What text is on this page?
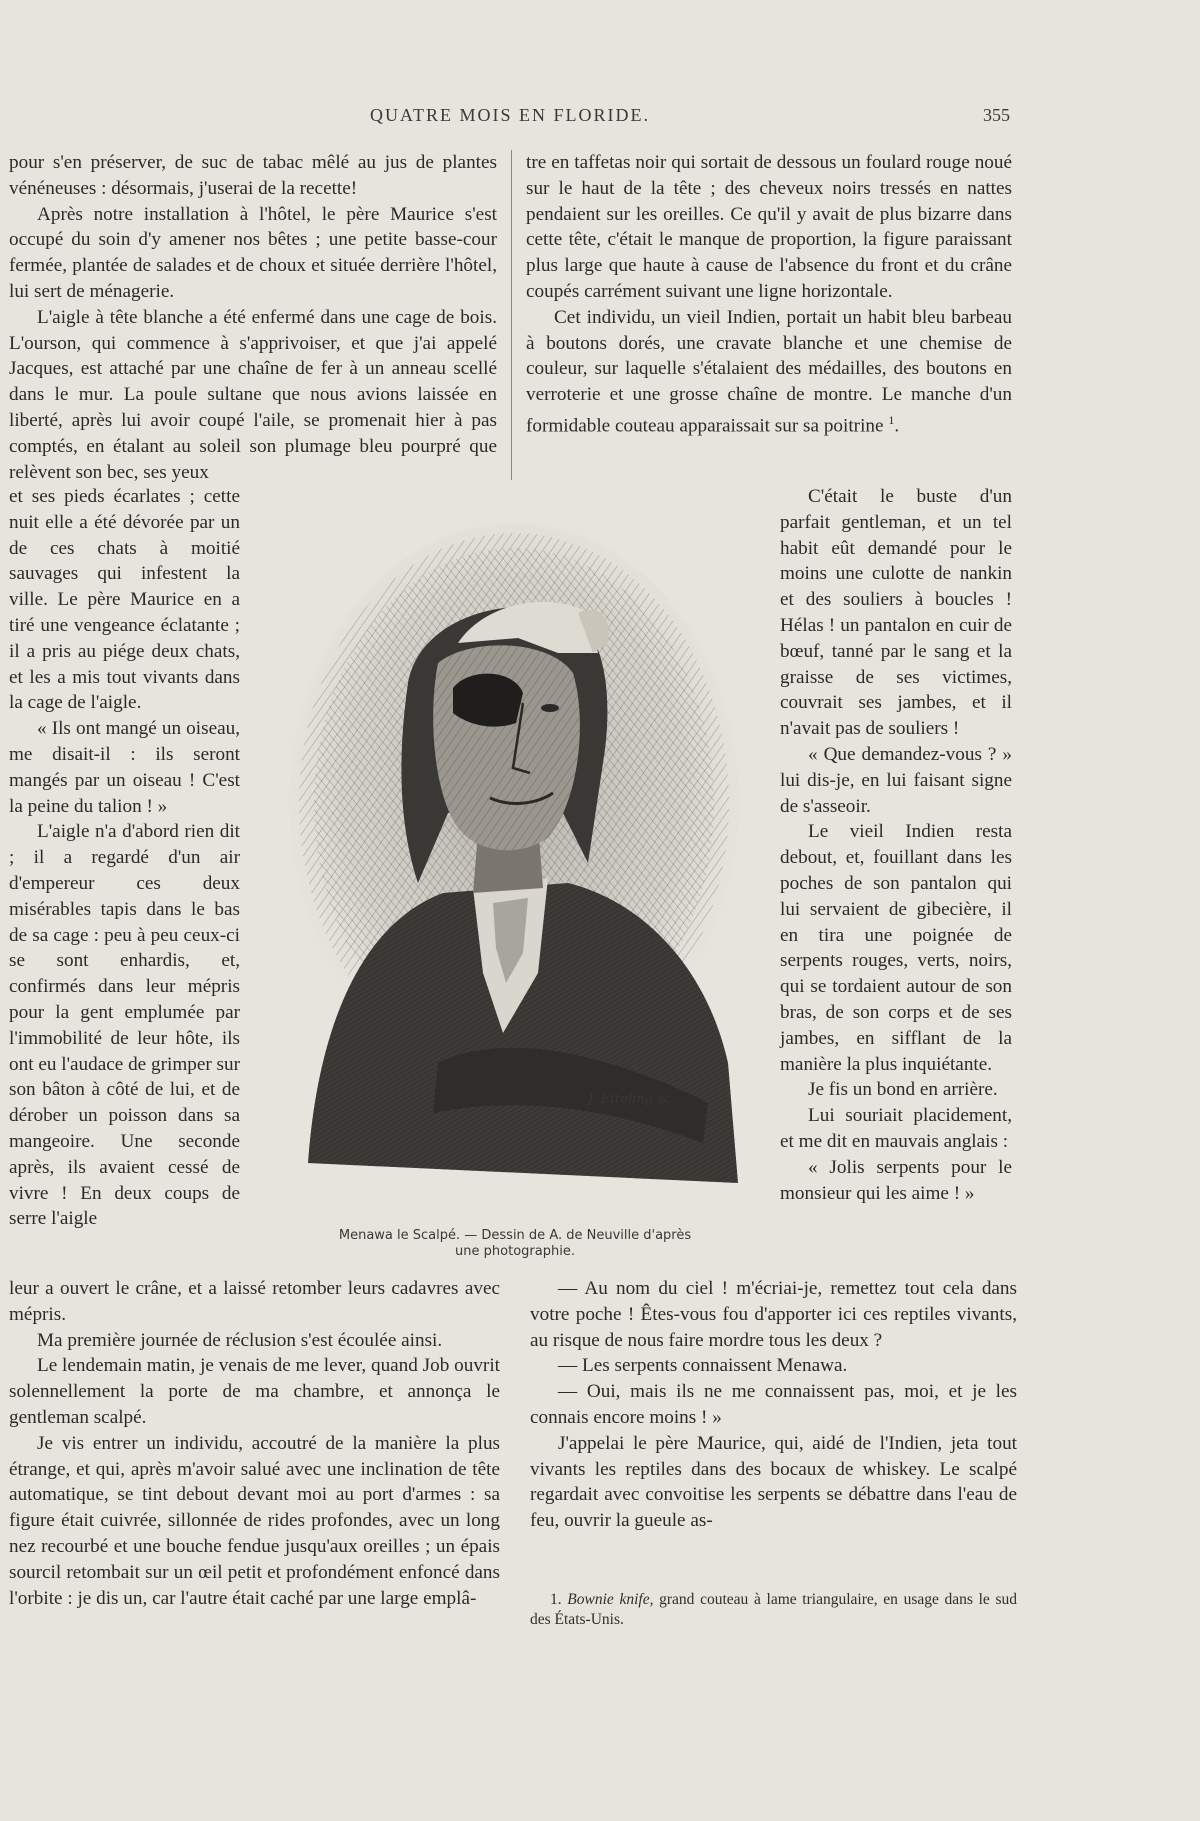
QUATRE MOIS EN FLORIDE.	355

pour s'en préserver, de suc de tabac mêlé au jus de plantes vénéneuses : désormais, j'userai de la recette!

Après notre installation à l'hôtel, le père Maurice s'est occupé du soin d'y amener nos bêtes ; une petite basse-cour fermée, plantée de salades et de choux et située derrière l'hôtel, lui sert de ménagerie.

L'aigle à tête blanche a été enfermé dans une cage de bois. L'ourson, qui commence à s'apprivoiser, et que j'ai appelé Jacques, est attaché par une chaîne de fer à un anneau scellé dans le mur. La poule sultane que nous avions laissée en liberté, après lui avoir coupé l'aile, se promenait hier à pas comptés, en étalant au soleil son plumage bleu pourpré que relèvent son bec, ses yeux

et ses pieds écarlates ; cette nuit elle a été dévorée par un de ces chats à moitié sauvages qui infestent la ville. Le père Maurice en a tiré une vengeance éclatante ; il a pris au piége deux chats, et les a mis tout vivants dans la cage de l'aigle.

« Ils ont mangé un oiseau, me disait-il : ils seront mangés par un oiseau ! C'est la peine du talion ! »

L'aigle n'a d'abord rien dit ; il a regardé d'un air d'empereur ces deux misérables tapis dans le bas de sa cage : peu à peu ceux-ci se sont enhardis, et, confirmés dans leur mépris pour la gent emplumée par l'immobilité de leur hôte, ils ont eu l'audace de grimper sur son bâton à côté de lui, et de dérober un poisson dans sa mangeoire. Une seconde après, ils avaient cessé de vivre ! En deux coups de serre l'aigle

leur a ouvert le crâne, et a laissé retomber leurs cadavres avec mépris.

Ma première journée de réclusion s'est écoulée ainsi.

Le lendemain matin, je venais de me lever, quand Job ouvrit solennellement la porte de ma chambre, et annonça le gentleman scalpé.

Je vis entrer un individu, accoutré de la manière la plus étrange, et qui, après m'avoir salué avec une inclination de tête automatique, se tint debout devant moi au port d'armes : sa figure était cuivrée, sillonnée de rides profondes, avec un long nez recourbé et une bouche fendue jusqu'aux oreilles ; un épais sourcil retombait sur un œil petit et profondément enfoncé dans l'orbite : je dis un, car l'autre était caché par une large emplâ-

tre en taffetas noir qui sortait de dessous un foulard rouge noué sur le haut de la tête ; des cheveux noirs tressés en nattes pendaient sur les oreilles. Ce qu'il y avait de plus bizarre dans cette tête, c'était le manque de proportion, la figure paraissant plus large que haute à cause de l'absence du front et du crâne coupés carrément suivant une ligne horizontale.

Cet individu, un vieil Indien, portait un habit bleu barbeau à boutons dorés, une cravate blanche et une chemise de couleur, sur laquelle s'étalaient des médailles, des boutons en verroterie et une grosse chaîne de montre. Le manche d'un formidable couteau apparaissait sur sa poitrine $^1$.

C'était le buste d'un parfait gentleman, et un tel habit eût demandé pour le moins une culotte de nankin et des souliers à boucles ! Hélas ! un pantalon en cuir de bœuf, tanné par le sang et la graisse de ses victimes, couvrait ses jambes, et il n'avait pas de souliers !

« Que demandez-vous ? » lui dis-je, en lui faisant signe de s'asseoir.

Le vieil Indien resta debout, et, fouillant dans les poches de son pantalon qui lui servaient de gibecière, il en tira une poignée de serpents rouges, verts, noirs, qui se tordaient autour de son bras, de son corps et de ses jambes, en sifflant de la manière la plus inquiétante.

Je fis un bond en arrière.

Lui souriait placidement, et me dit en mauvais anglais :

« Jolis serpents pour le monsieur qui les aime ! »

— Au nom du ciel ! m'écriai-je, remettez tout cela dans votre poche ! Êtes-vous fou d'apporter ici ces reptiles vivants, au risque de nous faire mordre tous les deux ?

— Les serpents connaissent Menawa.

— Oui, mais ils ne me connaissent pas, moi, et je les connais encore moins ! »

J'appelai le père Maurice, qui, aidé de l'Indien, jeta tout vivants les reptiles dans des bocaux de whiskey. Le scalpé regardait avec convoitise les serpents se débattre dans l'eau de feu, ouvrir la gueule as-

J. Etteling sc
Menawa le Scalpé. — Dessin de A. de Neuville d'après
une photographie.

1. Bownie knife, grand couteau à lame triangulaire, en usage dans le sud des États-Unis.
